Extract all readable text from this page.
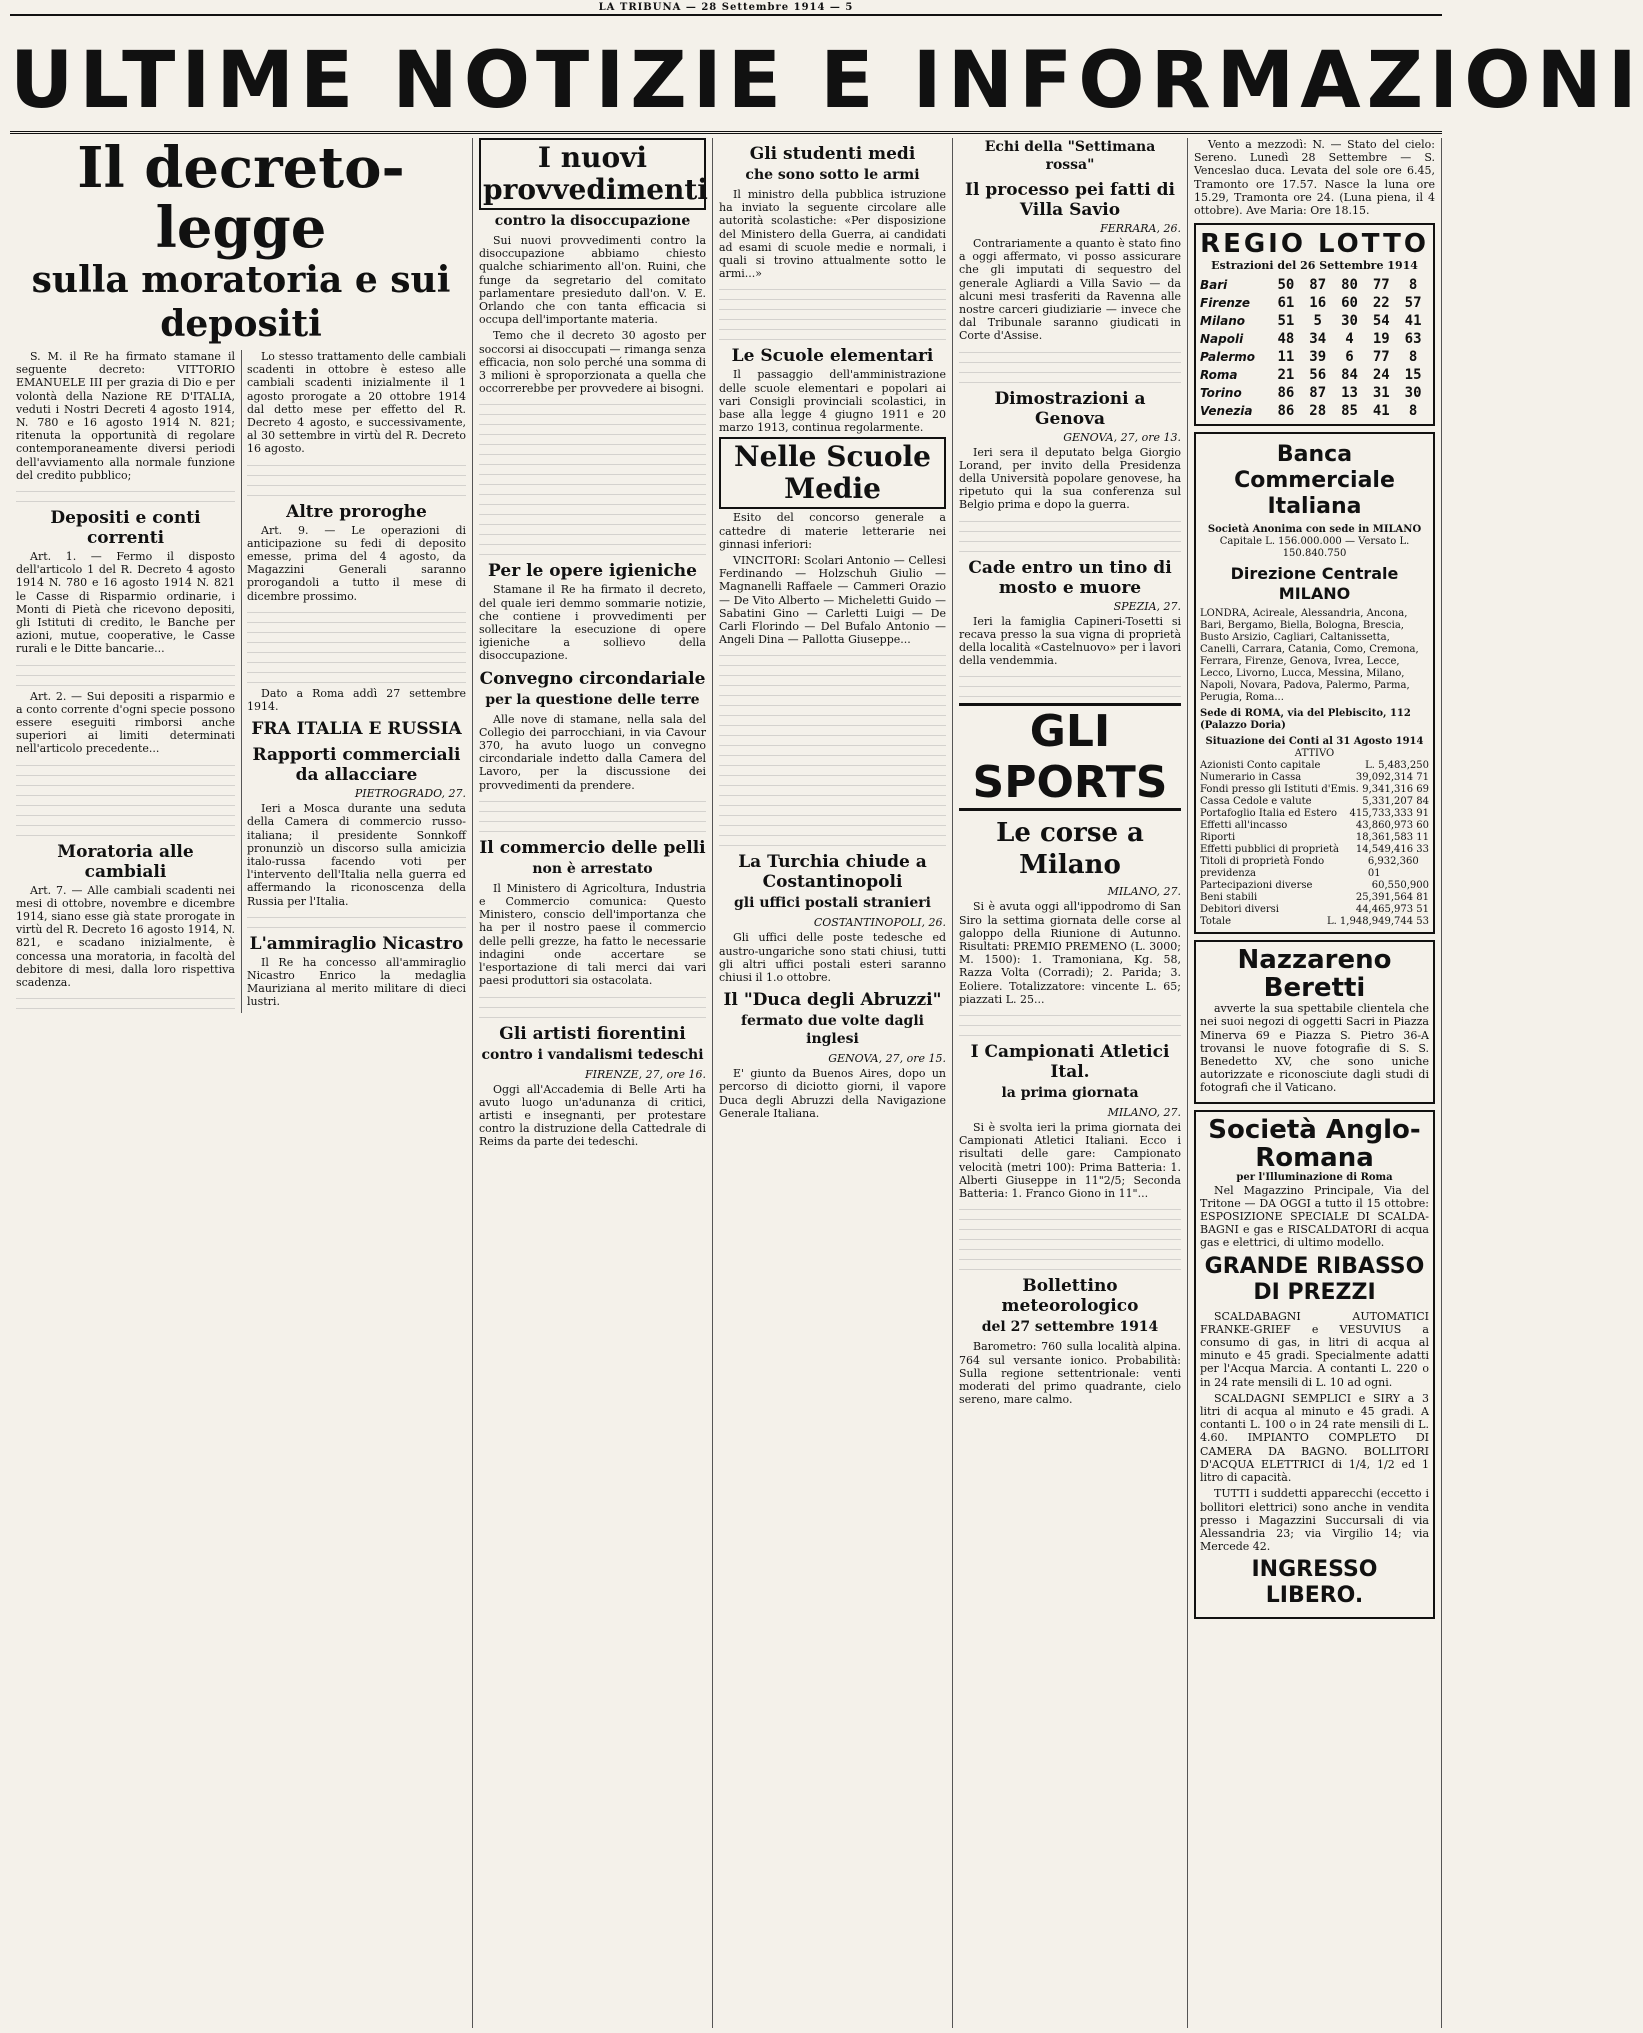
LA TRIBUNA — 28 Settembre 1914 — 5
ULTIME NOTIZIE E INFORMAZIONI
Il decreto-legge
sulla moratoria e sui depositi

S. M. il Re ha firmato stamane il seguente decreto: VITTORIO EMANUELE III per grazia di Dio e per volontà della Nazione RE D'ITALIA, veduti i Nostri Decreti 4 agosto 1914, N. 780 e 16 agosto 1914 N. 821; ritenuta la opportunità di regolare contemporaneamente diversi periodi dell'avviamento alla normale funzione del credito pubblico;

Depositi e conti correnti

Art. 1. — Fermo il disposto dell'articolo 1 del R. Decreto 4 agosto 1914 N. 780 e 16 agosto 1914 N. 821 le Casse di Risparmio ordinarie, i Monti di Pietà che ricevono depositi, gli Istituti di credito, le Banche per azioni, mutue, cooperative, le Casse rurali e le Ditte bancarie...

Art. 2. — Sui depositi a risparmio e a conto corrente d'ogni specie possono essere eseguiti rimborsi anche superiori ai limiti determinati nell'articolo precedente...

Moratoria alle cambiali

Art. 7. — Alle cambiali scadenti nei mesi di ottobre, novembre e dicembre 1914, siano esse già state prorogate in virtù del R. Decreto 16 agosto 1914, N. 821, e scadano inizialmente, è concessa una moratoria, in facoltà del debitore di mesi, dalla loro rispettiva scadenza.

Lo stesso trattamento delle cambiali scadenti in ottobre è esteso alle cambiali scadenti inizialmente il 1 agosto prorogate a 20 ottobre 1914 dal detto mese per effetto del R. Decreto 4 agosto, e successivamente, al 30 settembre in virtù del R. Decreto 16 agosto.

Altre proroghe

Art. 9. — Le operazioni di anticipazione su fedi di deposito emesse, prima del 4 agosto, da Magazzini Generali saranno prorogandoli a tutto il mese di dicembre prossimo.

Dato a Roma addì 27 settembre 1914.

FRA ITALIA E RUSSIA
Rapporti commerciali da allacciare
PIETROGRADO, 27.

Ieri a Mosca durante una seduta della Camera di commercio russo-italiana; il presidente Sonnkoff pronunziò un discorso sulla amicizia italo-russa facendo voti per l'intervento dell'Italia nella guerra ed affermando la riconoscenza della Russia per l'Italia.

L'ammiraglio Nicastro

Il Re ha concesso all'ammiraglio Nicastro Enrico la medaglia Mauriziana al merito militare di dieci lustri.

I nuovi provvedimenti
contro la disoccupazione

Sui nuovi provvedimenti contro la disoccupazione abbiamo chiesto qualche schiarimento all'on. Ruini, che funge da segretario del comitato parlamentare presieduto dall'on. V. E. Orlando che con tanta efficacia si occupa dell'importante materia.

Temo che il decreto 30 agosto per soccorsi ai disoccupati — rimanga senza efficacia, non solo perché una somma di 3 milioni è sproporzionata a quella che occorrerebbe per provvedere ai bisogni.

Per le opere igieniche

Stamane il Re ha firmato il decreto, del quale ieri demmo sommarie notizie, che contiene i provvedimenti per sollecitare la esecuzione di opere igieniche a sollievo della disoccupazione.

Convegno circondariale
per la questione delle terre

Alle nove di stamane, nella sala del Collegio dei parrocchiani, in via Cavour 370, ha avuto luogo un convegno circondariale indetto dalla Camera del Lavoro, per la discussione dei provvedimenti da prendere.

Il commercio delle pelli
non è arrestato

Il Ministero di Agricoltura, Industria e Commercio comunica: Questo Ministero, conscio dell'importanza che ha per il nostro paese il commercio delle pelli grezze, ha fatto le necessarie indagini onde accertare se l'esportazione di tali merci dai vari paesi produttori sia ostacolata.

Gli artisti fiorentini
contro i vandalismi tedeschi
FIRENZE, 27, ore 16.

Oggi all'Accademia di Belle Arti ha avuto luogo un'adunanza di critici, artisti e insegnanti, per protestare contro la distruzione della Cattedrale di Reims da parte dei tedeschi.

Gli studenti medi
che sono sotto le armi

Il ministro della pubblica istruzione ha inviato la seguente circolare alle autorità scolastiche: «Per disposizione del Ministero della Guerra, ai candidati ad esami di scuole medie e normali, i quali si trovino attualmente sotto le armi...»

Le Scuole elementari

Il passaggio dell'amministrazione delle scuole elementari e popolari ai vari Consigli provinciali scolastici, in base alla legge 4 giugno 1911 e 20 marzo 1913, continua regolarmente.

Nelle Scuole Medie

Esito del concorso generale a cattedre di materie letterarie nei ginnasi inferiori:

VINCITORI: Scolari Antonio — Cellesi Ferdinando — Holzschuh Giulio — Magnanelli Raffaele — Cammeri Orazio — De Vito Alberto — Micheletti Guido — Sabatini Gino — Carletti Luigi — De Carli Florindo — Del Bufalo Antonio — Angeli Dina — Pallotta Giuseppe...

La Turchia chiude a Costantinopoli
gli uffici postali stranieri
COSTANTINOPOLI, 26.

Gli uffici delle poste tedesche ed austro-ungariche sono stati chiusi, tutti gli altri uffici postali esteri saranno chiusi il 1.o ottobre.

Il "Duca degli Abruzzi"
fermato due volte dagli inglesi
GENOVA, 27, ore 15.

E' giunto da Buenos Aires, dopo un percorso di diciotto giorni, il vapore Duca degli Abruzzi della Navigazione Generale Italiana.

Echi della "Settimana rossa"
Il processo pei fatti di Villa Savio
FERRARA, 26.

Contrariamente a quanto è stato fino a oggi affermato, vi posso assicurare che gli imputati di sequestro del generale Agliardi a Villa Savio — da alcuni mesi trasferiti da Ravenna alle nostre carceri giudiziarie — invece che dal Tribunale saranno giudicati in Corte d'Assise.

Dimostrazioni a Genova
GENOVA, 27, ore 13.

Ieri sera il deputato belga Giorgio Lorand, per invito della Presidenza della Università popolare genovese, ha ripetuto qui la sua conferenza sul Belgio prima e dopo la guerra.

Cade entro un tino di mosto e muore
SPEZIA, 27.

Ieri la famiglia Capineri-Tosetti si recava presso la sua vigna di proprietà della località «Castelnuovo» per i lavori della vendemmia.

GLI SPORTS
Le corse a Milano
MILANO, 27.

Si è avuta oggi all'ippodromo di San Siro la settima giornata delle corse al galoppo della Riunione di Autunno. Risultati: PREMIO PREMENO (L. 3000; M. 1500): 1. Tramoniana, Kg. 58, Razza Volta (Corradi); 2. Parida; 3. Eoliere. Totalizzatore: vincente L. 65; piazzati L. 25...

I Campionati Atletici Ital.
la prima giornata
MILANO, 27.

Si è svolta ieri la prima giornata dei Campionati Atletici Italiani. Ecco i risultati delle gare: Campionato velocità (metri 100): Prima Batteria: 1. Alberti Giuseppe in 11"2/5; Seconda Batteria: 1. Franco Giono in 11"...

Bollettino meteorologico
del 27 settembre 1914

Barometro: 760 sulla località alpina. 764 sul versante ionico. Probabilità: Sulla regione settentrionale: venti moderati del primo quadrante, cielo sereno, mare calmo.

Vento a mezzodì: N. — Stato del cielo: Sereno. Lunedì 28 Settembre — S. Venceslao duca. Levata del sole ore 6.45, Tramonto ore 17.57. Nasce la luna ore 15.29, Tramonta ore 24. (Luna piena, il 4 ottobre). Ave Maria: Ore 18.15.

REGIO LOTTO
Estrazioni del 26 Settembre 1914
Bari	50	87	80	77	8
Firenze	61	16	60	22	57
Milano	51	5	30	54	41
Napoli	48	34	4	19	63
Palermo	11	39	6	77	8
Roma	21	56	84	24	15
Torino	86	87	13	31	30
Venezia	86	28	85	41	8
Banca Commerciale Italiana
Società Anonima con sede in MILANO
Capitale L. 156.000.000 — Versato L. 150.840.750
Direzione Centrale MILANO
LONDRA, Acireale, Alessandria, Ancona, Bari, Bergamo, Biella, Bologna, Brescia, Busto Arsizio, Cagliari, Caltanissetta, Canelli, Carrara, Catania, Como, Cremona, Ferrara, Firenze, Genova, Ivrea, Lecce, Lecco, Livorno, Lucca, Messina, Milano, Napoli, Novara, Padova, Palermo, Parma, Perugia, Roma...
Sede di ROMA, via del Plebiscito, 112 (Palazzo Doria)
Situazione dei Conti al 31 Agosto 1914
ATTIVO
Azionisti Conto capitale	L. 5,483,250
Numerario in Cassa	39,092,314 71
Fondi presso gli Istituti d'Emis. 9,341,316 69
Cassa Cedole e valute	5,331,207 84
Portafoglio Italia ed Estero 415,733,333 91
Effetti all'incasso	43,860,973 60
Riporti	18,361,583 11
Effetti pubblici di proprietà 14,549,416 33
Titoli di proprietà Fondo previdenza
6,932,360 01
Partecipazioni diverse	60,550,900
Beni stabili	25,391,564 81
Debitori diversi	44,465,973 51
Totale	L. 1,948,949,744 53
Nazzareno Beretti

avverte la sua spettabile clientela che nei suoi negozi di oggetti Sacri in Piazza Minerva 69 e Piazza S. Pietro 36-A trovansi le nuove fotografie di S. S. Benedetto XV, che sono uniche autorizzate e riconosciute dagli studi di fotografi che il Vaticano.

Società Anglo-Romana
per l'Illuminazione di Roma

Nel Magazzino Principale, Via del Tritone — DA OGGI a tutto il 15 ottobre: ESPOSIZIONE SPECIALE DI SCALDA-BAGNI e gas e RISCALDATORI di acqua gas e elettrici, di ultimo modello.

GRANDE RIBASSO DI PREZZI

SCALDABAGNI AUTOMATICI FRANKE-GRIEF e VESUVIUS a consumo di gas, in litri di acqua al minuto e 45 gradi. Specialmente adatti per l'Acqua Marcia. A contanti L. 220 o in 24 rate mensili di L. 10 ad ogni.

SCALDAGNI SEMPLICI e SIRY a 3 litri di acqua al minuto e 45 gradi. A contanti L. 100 o in 24 rate mensili di L. 4.60. IMPIANTO COMPLETO DI CAMERA DA BAGNO. BOLLITORI D'ACQUA ELETTRICI di 1/4, 1/2 ed 1 litro di capacità.

TUTTI i suddetti apparecchi (eccetto i bollitori elettrici) sono anche in vendita presso i Magazzini Succursali di via Alessandria 23; via Virgilio 14; via Mercede 42.

INGRESSO LIBERO.
